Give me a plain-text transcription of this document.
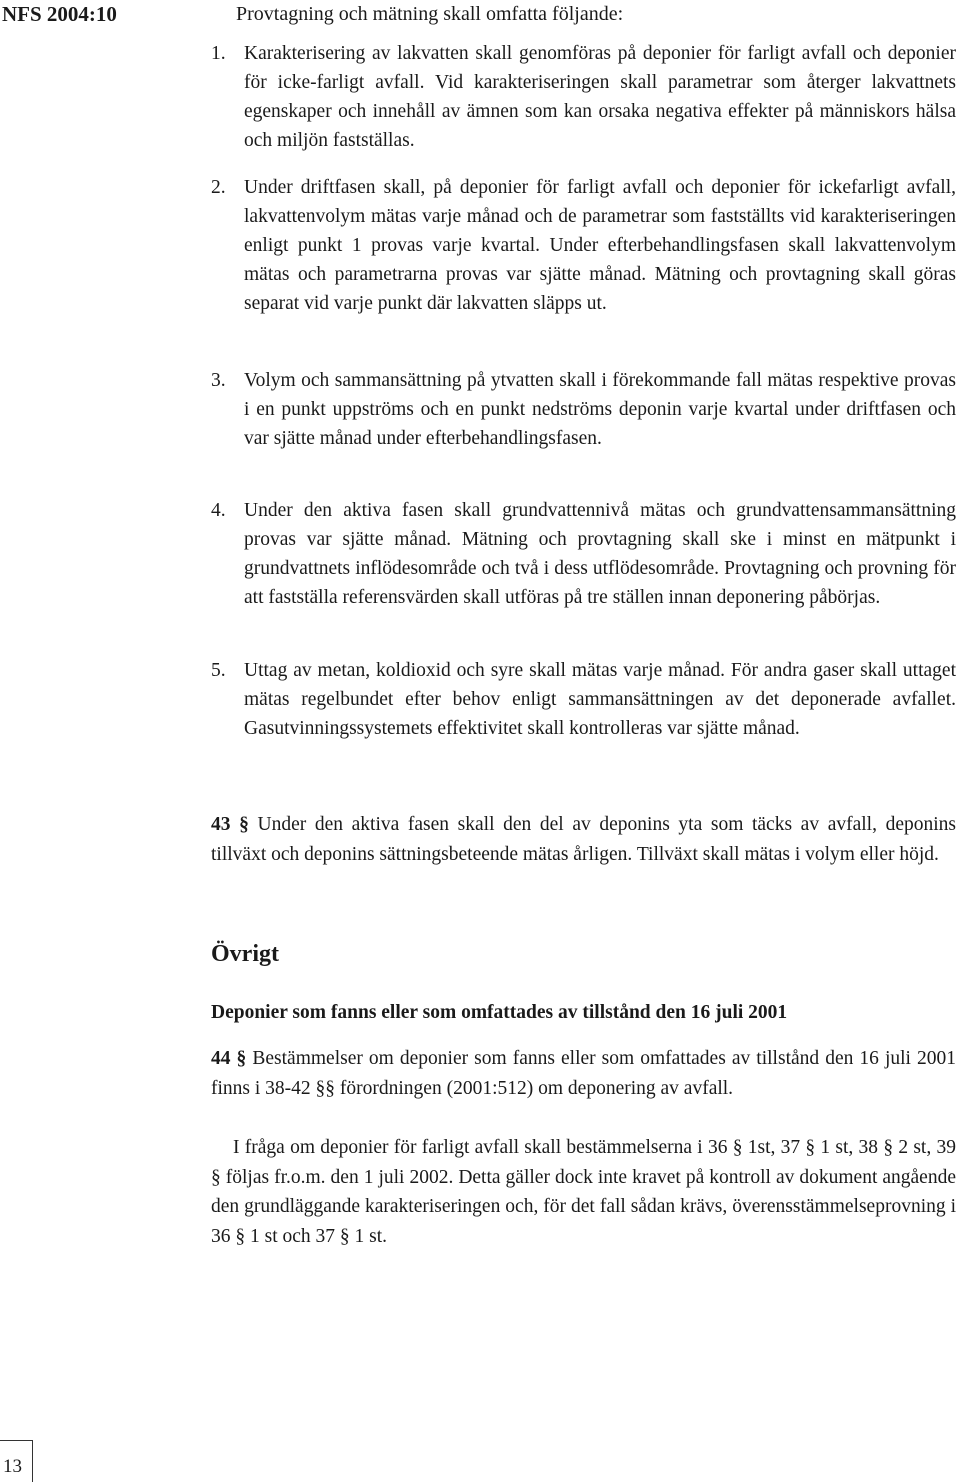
NFS 2004:10	Provtagning och mätning skall omfatta följande:
1. Karakterisering av lakvatten skall genomföras på deponier för farligt avfall och deponier för icke-farligt avfall. Vid karakteriseringen skall parametrar som återger lakvattnets egenskaper och innehåll av ämnen som kan orsaka negativa effekter på människors hälsa och miljön fastställas.
2. Under driftfasen skall, på deponier för farligt avfall och deponier för ickefarligt avfall, lakvattenvolym mätas varje månad och de parametrar som fastställts vid karakteriseringen enligt punkt 1 provas varje kvartal. Under efterbehandlingsfasen skall lakvattenvolym mätas och parametrarna provas var sjätte månad. Mätning och provtagning skall göras separat vid varje punkt där lakvatten släpps ut.
3. Volym och sammansättning på ytvatten skall i förekommande fall mätas respektive provas i en punkt uppströms och en punkt nedströms deponin varje kvartal under driftfasen och var sjätte månad under efterbehandlingsfasen.
4. Under den aktiva fasen skall grundvattennivå mätas och grundvattensammansättning provas var sjätte månad. Mätning och provtagning skall ske i minst en mätpunkt i grundvattnets inflödesområde och två i dess utflödesområde. Provtagning och provning för att fastställa referensvärden skall utföras på tre ställen innan deponering påbörjas.
5. Uttag av metan, koldioxid och syre skall mätas varje månad. För andra gaser skall uttaget mätas regelbundet efter behov enligt sammansättningen av det deponerade avfallet. Gasutvinningssystemets effektivitet skall kontrolleras var sjätte månad.
43 § Under den aktiva fasen skall den del av deponins yta som täcks av avfall, deponins tillväxt och deponins sättningsbeteende mätas årligen. Tillväxt skall mätas i volym eller höjd.
Övrigt
Deponier som fanns eller som omfattades av tillstånd den 16 juli 2001
44 § Bestämmelser om deponier som fanns eller som omfattades av tillstånd den 16 juli 2001 finns i 38-42 §§ förordningen (2001:512) om deponering av avfall.
I fråga om deponier för farligt avfall skall bestämmelserna i 36 § 1st, 37 § 1 st, 38 § 2 st, 39 § följas fr.o.m. den 1 juli 2002. Detta gäller dock inte kravet på kontroll av dokument angående den grundläggande karakteriseringen och, för det fall sådan krävs, överensstämmelseprovning i 36 § 1 st och 37 § 1 st.
13
